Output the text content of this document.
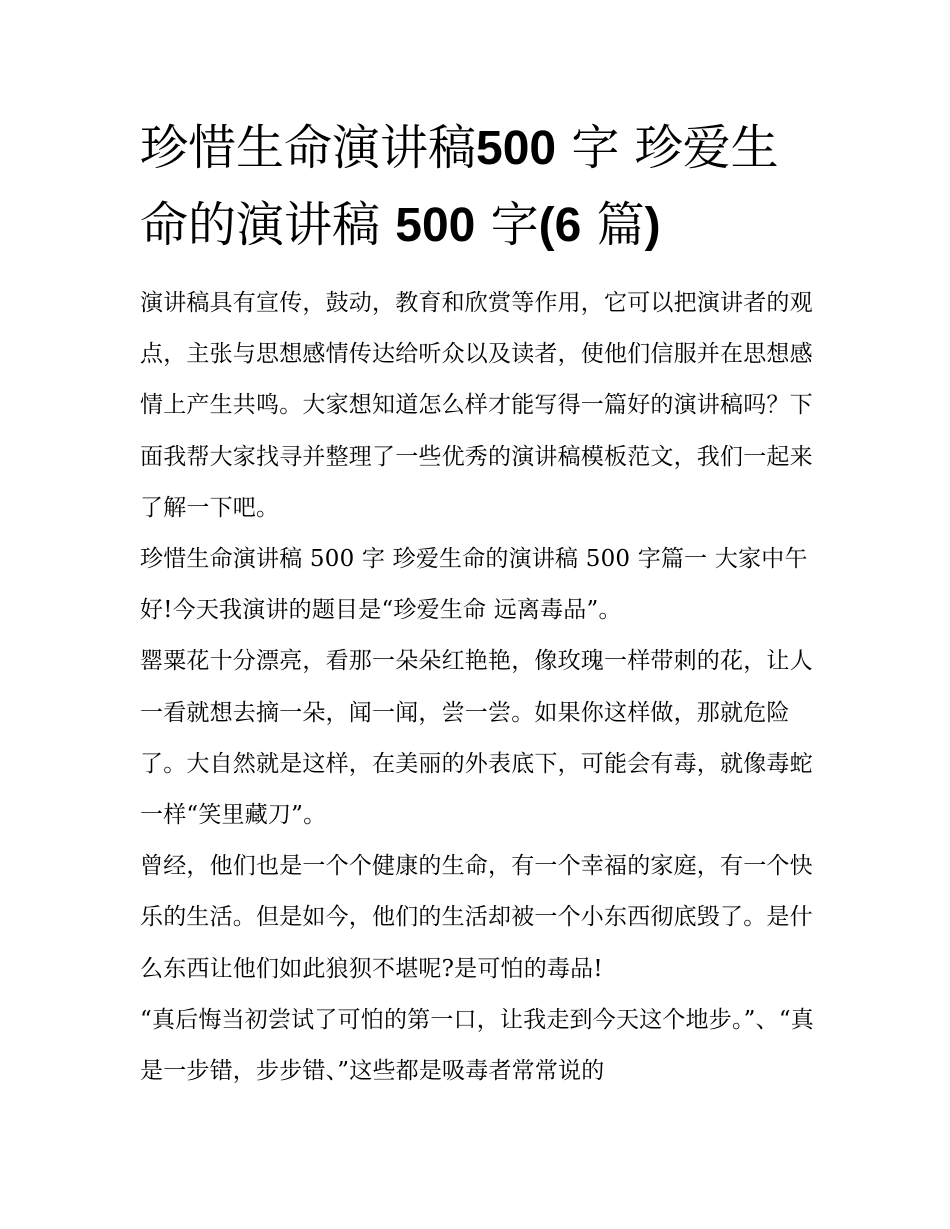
珍惜生命演讲稿500 字 珍爱生命的演讲稿 500 字(6 篇)

演讲稿具有宣传，鼓动，教育和欣赏等作用，它可以把演讲者的观点，主张与思想感情传达给听众以及读者，使他们信服并在思想感情上产生共鸣。大家想知道怎么样才能写得一篇好的演讲稿吗？下面我帮大家找寻并整理了一些优秀的演讲稿模板范文，我们一起来了解一下吧。

珍惜生命演讲稿 500 字 珍爱生命的演讲稿 500 字篇一 大家中午好!今天我演讲的题目是“珍爱生命 远离毒品”。

罂粟花十分漂亮，看那一朵朵红艳艳，像玫瑰一样带刺的花，让人一看就想去摘一朵，闻一闻，尝一尝。如果你这样做，那就危险了。大自然就是这样，在美丽的外表底下，可能会有毒，就像毒蛇一样“笑里藏刀”。

曾经，他们也是一个个健康的生命，有一个幸福的家庭，有一个快乐的生活。但是如今，他们的生活却被一个小东西彻底毁了。是什么东西让他们如此狼狈不堪呢?是可怕的毒品!

“真后悔当初尝试了可怕的第一口，让我走到今天这个地步。”、“真是一步错，步步错、”这些都是吸毒者常常说的
